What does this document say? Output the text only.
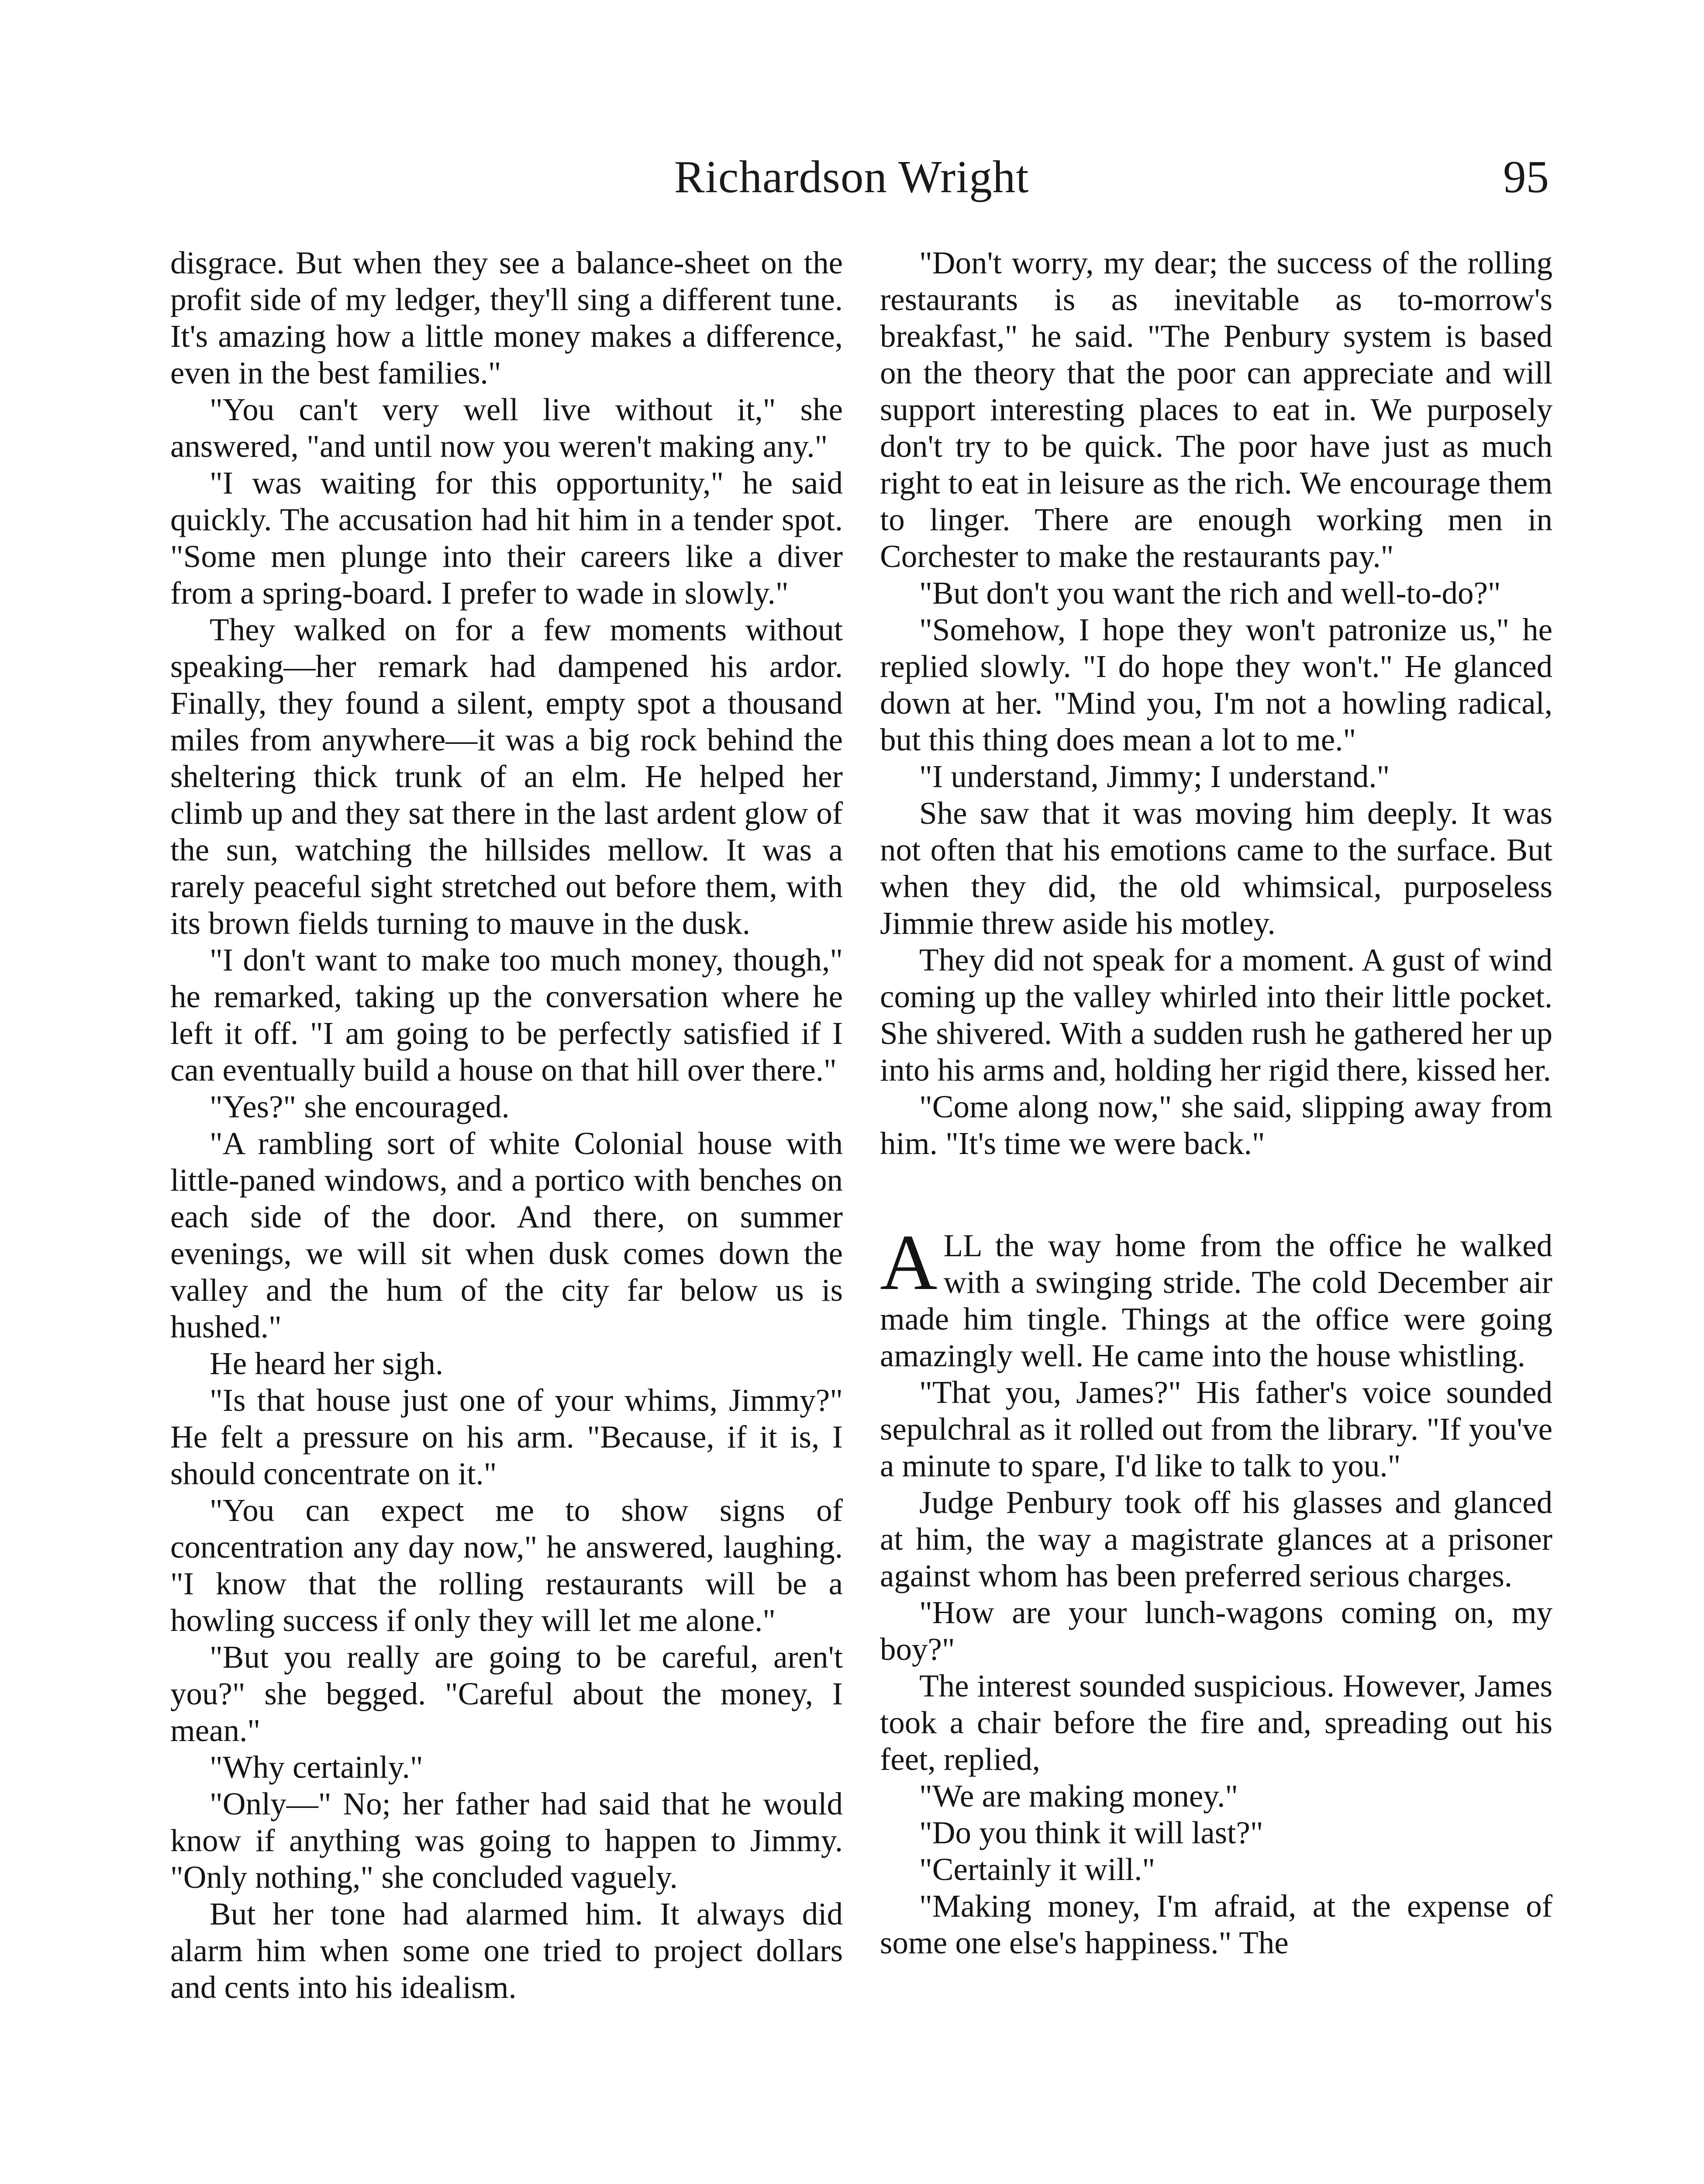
Richardson Wright	95

disgrace. But when they see a balance-sheet on the profit side of my ledger, they'll sing a different tune. It's amazing how a little money makes a difference, even in the best families."

"You can't very well live without it," she answered, "and until now you weren't making any."

"I was waiting for this opportunity," he said quickly. The accusation had hit him in a tender spot. "Some men plunge into their careers like a diver from a spring-board. I prefer to wade in slowly."

They walked on for a few moments without speaking—her remark had dampened his ardor. Finally, they found a silent, empty spot a thousand miles from anywhere—it was a big rock behind the sheltering thick trunk of an elm. He helped her climb up and they sat there in the last ardent glow of the sun, watching the hillsides mellow. It was a rarely peaceful sight stretched out before them, with its brown fields turning to mauve in the dusk.

"I don't want to make too much money, though," he remarked, taking up the conversation where he left it off. "I am going to be perfectly satisfied if I can eventually build a house on that hill over there."

"Yes?" she encouraged.

"A rambling sort of white Colonial house with little-paned windows, and a portico with benches on each side of the door. And there, on summer evenings, we will sit when dusk comes down the valley and the hum of the city far below us is hushed."

He heard her sigh.

"Is that house just one of your whims, Jimmy?" He felt a pressure on his arm. "Because, if it is, I should concentrate on it."

"You can expect me to show signs of concentration any day now," he answered, laughing. "I know that the rolling restaurants will be a howling success if only they will let me alone."

"But you really are going to be careful, aren't you?" she begged. "Careful about the money, I mean."

"Why certainly."

"Only—" No; her father had said that he would know if anything was going to happen to Jimmy. "Only nothing," she concluded vaguely.

But her tone had alarmed him. It always did alarm him when some one tried to project dollars and cents into his idealism.

"Don't worry, my dear; the success of the rolling restaurants is as inevitable as to-morrow's breakfast," he said. "The Penbury system is based on the theory that the poor can appreciate and will support interesting places to eat in. We purposely don't try to be quick. The poor have just as much right to eat in leisure as the rich. We encourage them to linger. There are enough working men in Corchester to make the restaurants pay."

"But don't you want the rich and well-to-do?"

"Somehow, I hope they won't patronize us," he replied slowly. "I do hope they won't." He glanced down at her. "Mind you, I'm not a howling radical, but this thing does mean a lot to me."

"I understand, Jimmy; I understand."

She saw that it was moving him deeply. It was not often that his emotions came to the surface. But when they did, the old whimsical, purposeless Jimmie threw aside his motley.

They did not speak for a moment. A gust of wind coming up the valley whirled into their little pocket. She shivered. With a sudden rush he gathered her up into his arms and, holding her rigid there, kissed her.

"Come along now," she said, slipping away from him. "It's time we were back."

ALL the way home from the office he walked with a swinging stride. The cold December air made him tingle. Things at the office were going amazingly well. He came into the house whistling.

"That you, James?" His father's voice sounded sepulchral as it rolled out from the library. "If you've a minute to spare, I'd like to talk to you."

Judge Penbury took off his glasses and glanced at him, the way a magistrate glances at a prisoner against whom has been preferred serious charges.

"How are your lunch-wagons coming on, my boy?"

The interest sounded suspicious. However, James took a chair before the fire and, spreading out his feet, replied,

"We are making money."

"Do you think it will last?"

"Certainly it will."

"Making money, I'm afraid, at the expense of some one else's happiness." The
